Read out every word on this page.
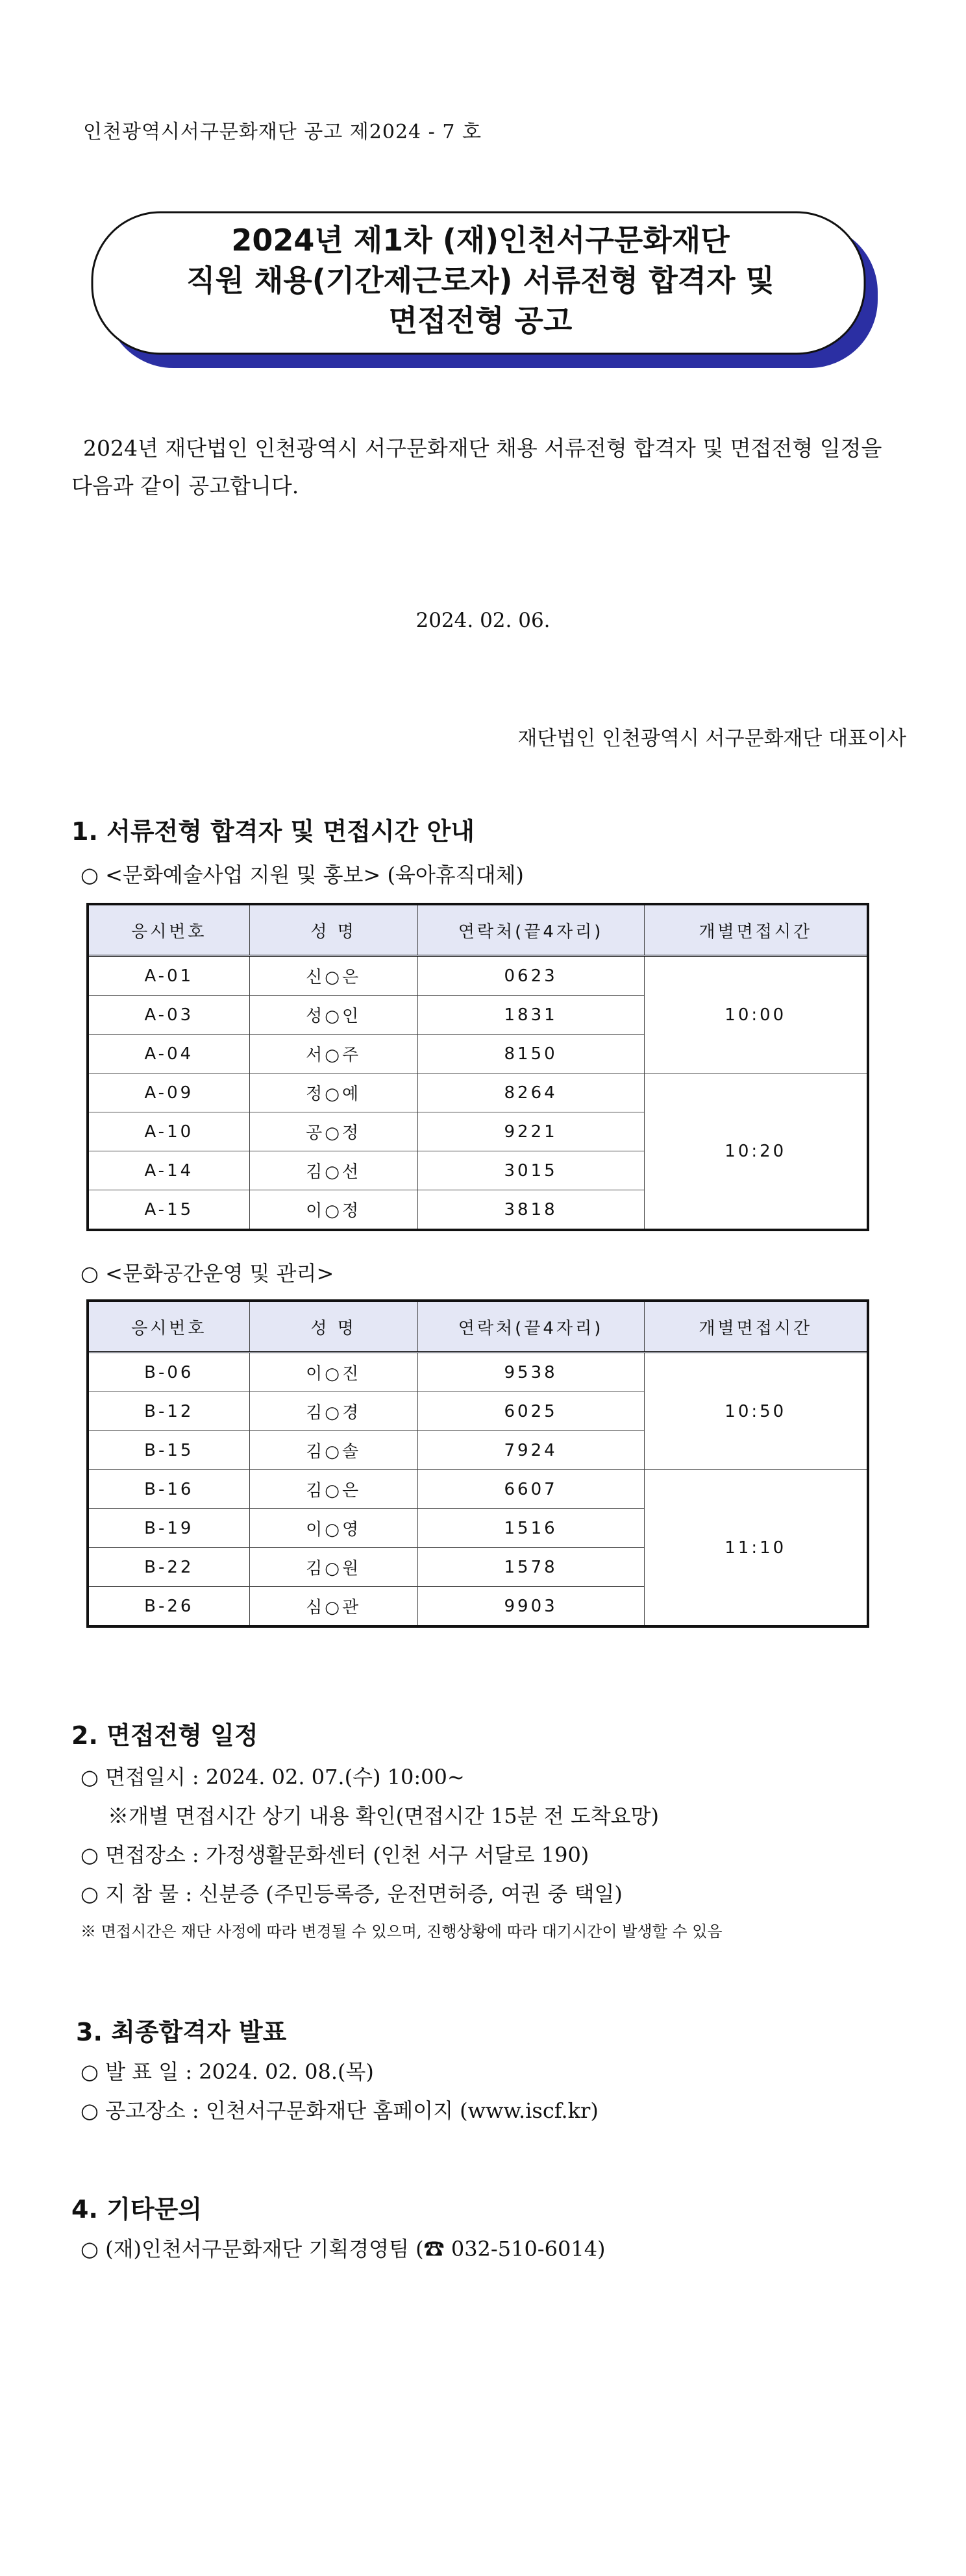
인천광역시서구문화재단 공고 제2024 - 7 호
2024년 제1차 (재)인천서구문화재단
직원 채용(기간제근로자) 서류전형 합격자 및
면접전형 공고
2024년 재단법인 인천광역시 서구문화재단 채용 서류전형 합격자 및 면접전형 일정을 다음과 같이 공고합니다.
2024. 02. 06.
재단법인 인천광역시 서구문화재단 대표이사
1. 서류전형 합격자 및 면접시간 안내
○ <문화예술사업 지원 및 홍보> (육아휴직대체)
응시번호	성 명	연락처(끝4자리)	개별면접시간
A-01	신○은	0623	10:00
A-03	성○인	1831	
A-04	서○주	8150	
A-09	정○예	8264	10:20
A-10	공○정	9221	
A-14	김○선	3015	
A-15	이○정	3818	
○ <문화공간운영 및 관리>
응시번호	성 명	연락처(끝4자리)	개별면접시간
B-06	이○진	9538	10:50
B-12	김○경	6025	
B-15	김○솔	7924	
B-16	김○은	6607	11:10
B-19	이○영	1516	
B-22	김○원	1578	
B-26	심○관	9903	
2. 면접전형 일정
○ 면접일시 : 2024. 02. 07.(수) 10:00~
※개별 면접시간 상기 내용 확인(면접시간 15분 전 도착요망)
○ 면접장소 : 가정생활문화센터 (인천 서구 서달로 190)
○ 지 참 물 : 신분증 (주민등록증, 운전면허증, 여권 중 택일)
※ 면접시간은 재단 사정에 따라 변경될 수 있으며, 진행상황에 따라 대기시간이 발생할 수 있음
3. 최종합격자 발표
○ 발 표 일 : 2024. 02. 08.(목)
○ 공고장소 : 인천서구문화재단 홈페이지 (www.iscf.kr)
4. 기타문의
○ (재)인천서구문화재단 기획경영팀 (☎ 032-510-6014)
